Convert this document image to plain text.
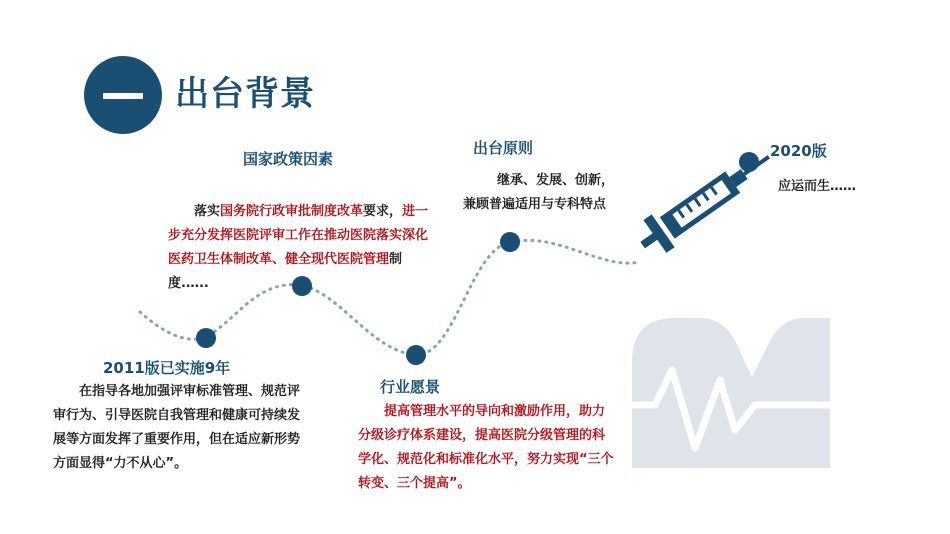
出台背景
国家政策因素
落实国务院行政审批制度改革要求，进一步充分发挥医院评审工作在推动医院落实深化医药卫生体制改革、健全现代医院管理制度.…..
出台原则
继承、发展、创新，
兼顾普遍适用与专科特点
2020版
应运而生……
2011版已实施9年
在指导各地加强评审标准管理、规范评审行为、引导医院自我管理和健康可持续发展等方面发挥了重要作用，但在适应新形势方面显得“力不从心”。
行业愿景
提高管理水平的导向和激励作用，助力分级诊疗体系建设，提高医院分级管理的科学化、规范化和标准化水平，努力实现“三个转变、三个提高”。
